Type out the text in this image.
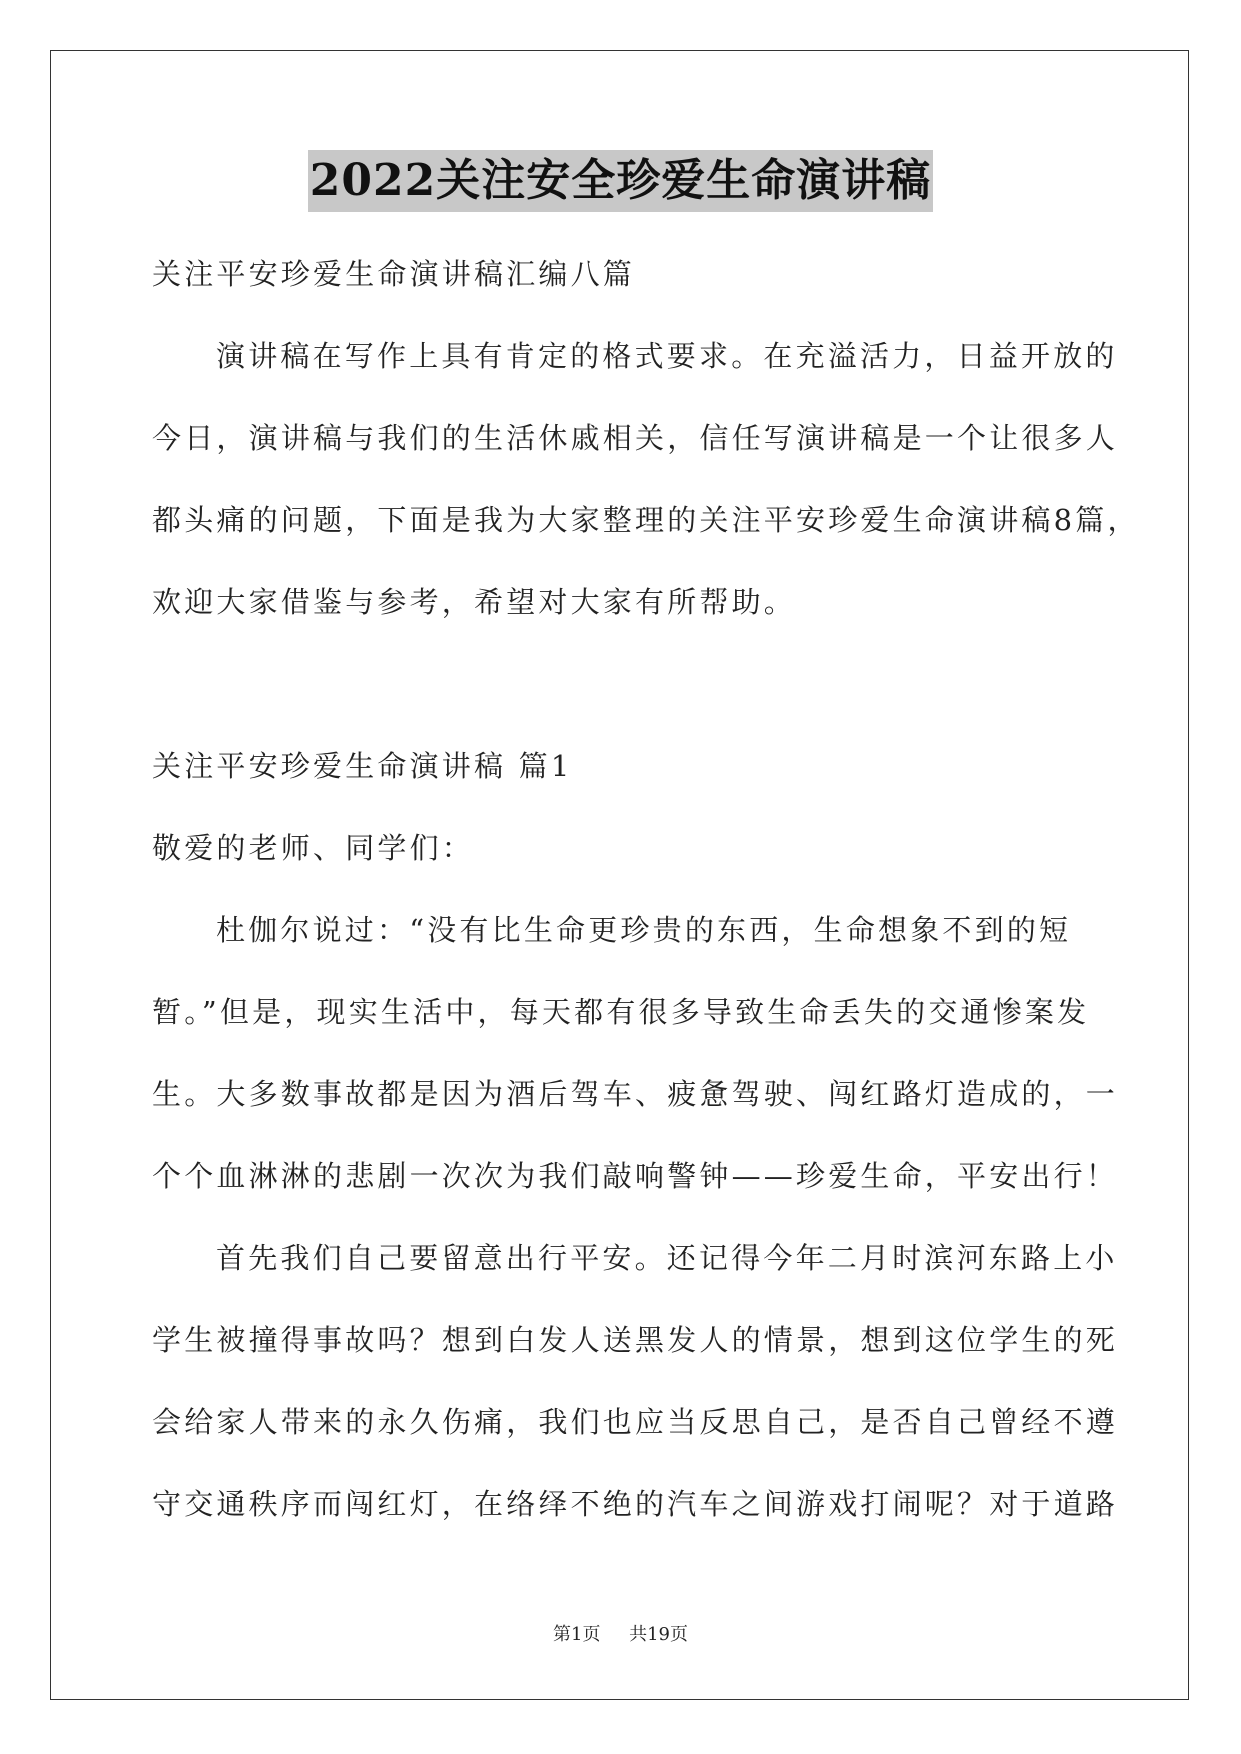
2022关注安全珍爱生命演讲稿

关注平安珍爱生命演讲稿汇编八篇

演讲稿在写作上具有肯定的格式要求。在充溢活力，日益开放的

今日，演讲稿与我们的生活休戚相关，信任写演讲稿是一个让很多人

都头痛的问题，下面是我为大家整理的关注平安珍爱生命演讲稿8篇，

欢迎大家借鉴与参考，希望对大家有所帮助。

关注平安珍爱生命演讲稿 篇1

敬爱的老师、同学们：

杜伽尔说过：“没有比生命更珍贵的东西，生命想象不到的短

暂。”但是，现实生活中，每天都有很多导致生命丢失的交通惨案发

生。大多数事故都是因为酒后驾车、疲惫驾驶、闯红路灯造成的，一

个个血淋淋的悲剧一次次为我们敲响警钟——珍爱生命，平安出行！

首先我们自己要留意出行平安。还记得今年二月时滨河东路上小

学生被撞得事故吗？想到白发人送黑发人的情景，想到这位学生的死

会给家人带来的永久伤痛，我们也应当反思自己，是否自己曾经不遵

守交通秩序而闯红灯，在络绎不绝的汽车之间游戏打闹呢？对于道路

第1页 共19页
